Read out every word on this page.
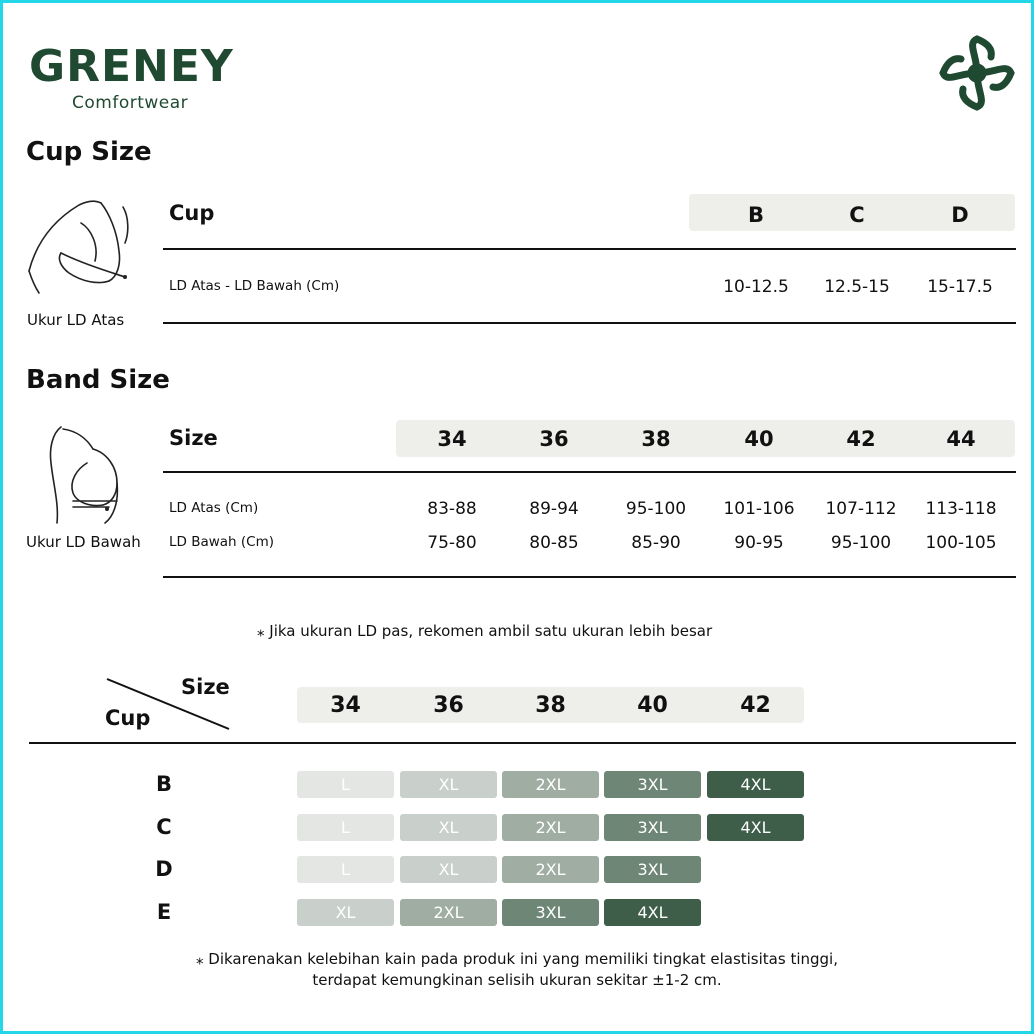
GRENEY
Comfortwear
Cup Size
Ukur LD Atas
Cup	B	C	D
LD Atas - LD Bawah (Cm)	10-12.5	12.5-15	15-17.5
Band Size
Ukur LD Bawah
Size	34	36	38	40	42	44
LD Atas (Cm)	83-88	89-94	95-100	101-106	107-112	113-118
LD Bawah (Cm)	75-80	80-85	85-90	90-95	95-100	100-105
⁎ Jika ukuran LD pas, rekomen ambil satu ukuran lebih besar
Size
Cup	34	36	38	40	42
B	L	XL	2XL	3XL	4XL
C	L	XL	2XL	3XL	4XL
D	L	XL	2XL	3XL
E	XL	2XL	3XL	4XL
⁎ Dikarenakan kelebihan kain pada produk ini yang memiliki tingkat elastisitas tinggi,
terdapat kemungkinan selisih ukuran sekitar ±1-2 cm.
